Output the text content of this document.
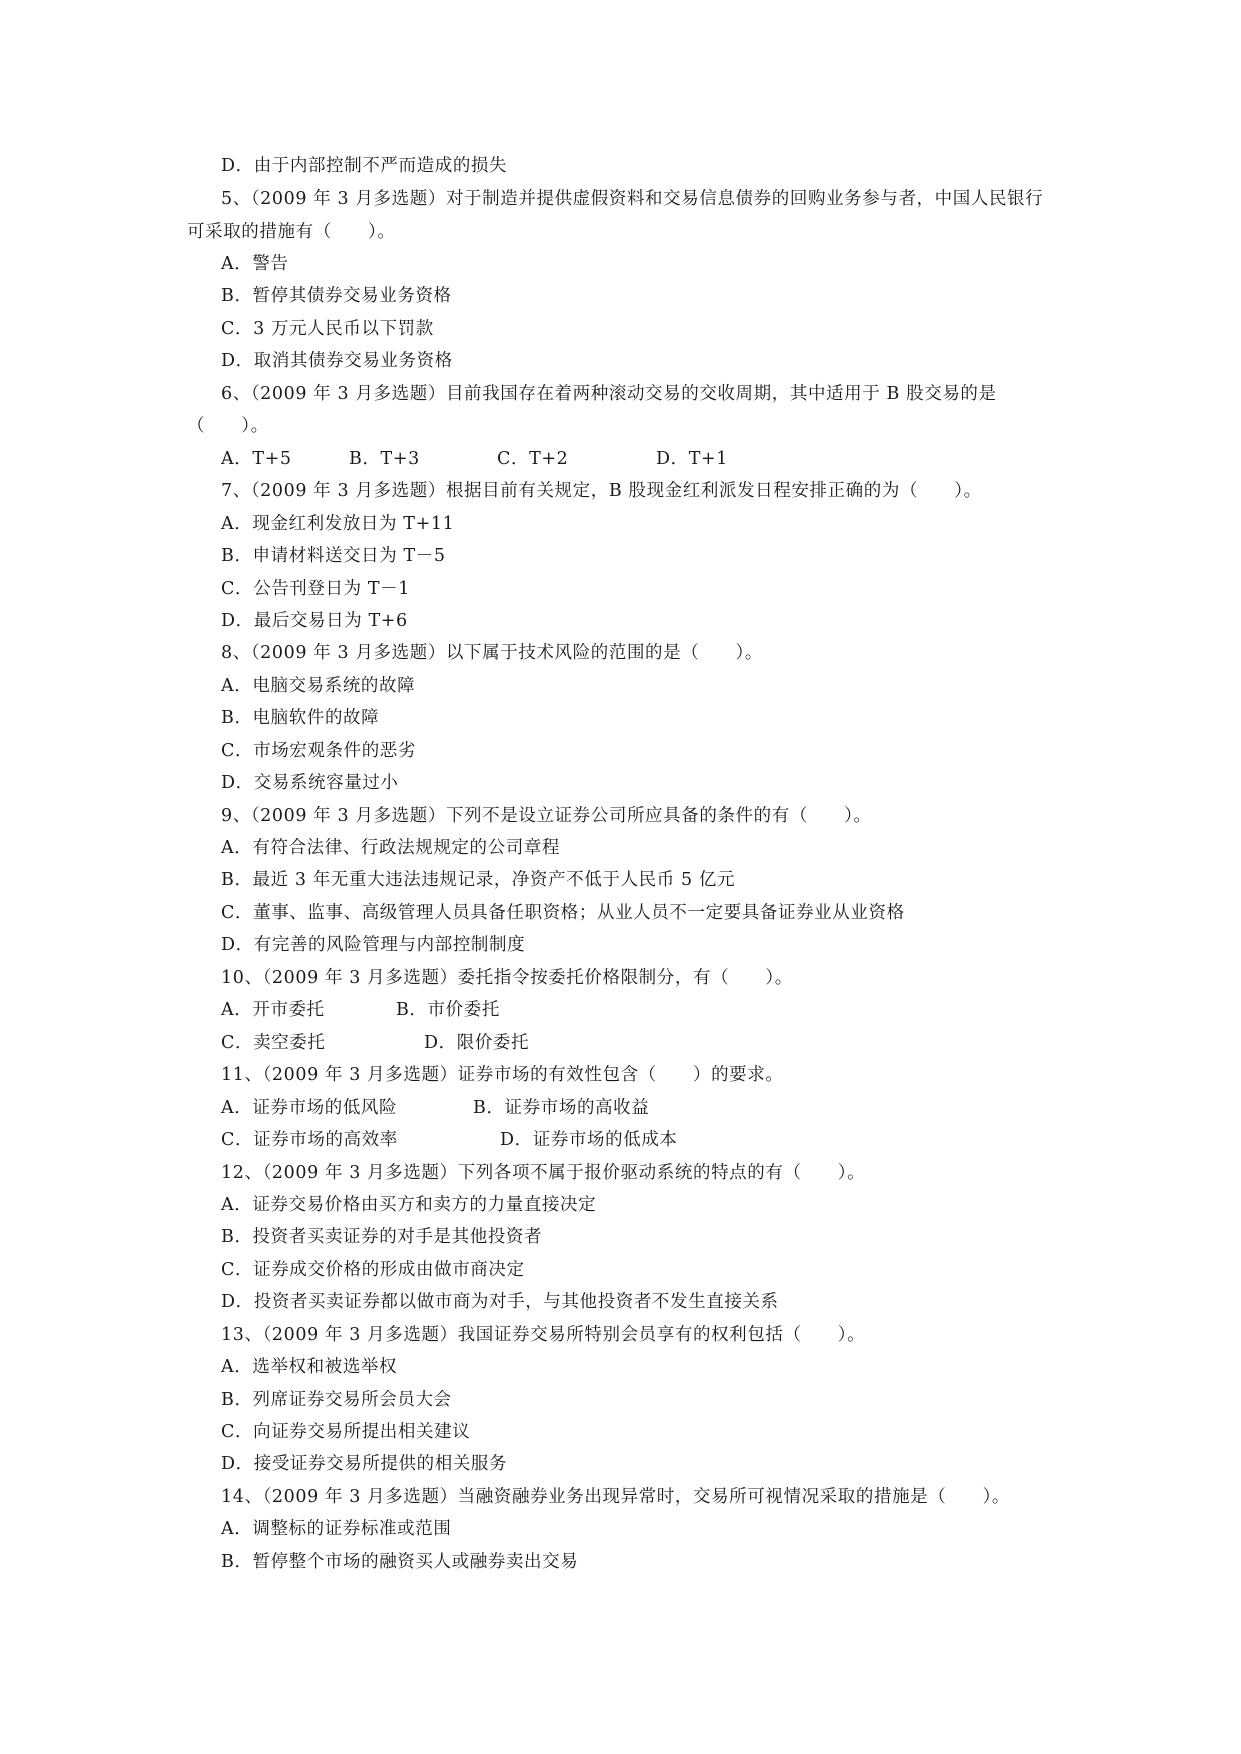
D．由于内部控制不严而造成的损失
5、（2009 年 3 月多选题）对于制造并提供虚假资料和交易信息债券的回购业务参与者，中国人民银行
可采取的措施有（　　）。
A．警告
B．暂停其债券交易业务资格
C．3 万元人民币以下罚款
D．取消其债券交易业务资格
6、（2009 年 3 月多选题）目前我国存在着两种滚动交易的交收周期，其中适用于 B 股交易的是
（　　）。
A．T+5	B．T+3	C．T+2	D．T+1
7、（2009 年 3 月多选题）根据目前有关规定，B 股现金红利派发日程安排正确的为（　　）。
A．现金红利发放日为 T+11
B．申请材料送交日为 T－5
C．公告刊登日为 T－1
D．最后交易日为 T+6
8、（2009 年 3 月多选题）以下属于技术风险的范围的是（　　）。
A．电脑交易系统的故障
B．电脑软件的故障
C．市场宏观条件的恶劣
D．交易系统容量过小
9、（2009 年 3 月多选题）下列不是设立证券公司所应具备的条件的有（　　）。
A．有符合法律、行政法规规定的公司章程
B．最近 3 年无重大违法违规记录，净资产不低于人民币 5 亿元
C．董事、监事、高级管理人员具备任职资格；从业人员不一定要具备证券业从业资格
D．有完善的风险管理与内部控制制度
10、（2009 年 3 月多选题）委托指令按委托价格限制分，有（　　）。
A．开市委托	B．市价委托
C．卖空委托	D．限价委托
11、（2009 年 3 月多选题）证券市场的有效性包含（　　）的要求。
A．证券市场的低风险	B．证券市场的高收益
C．证券市场的高效率	D．证券市场的低成本
12、（2009 年 3 月多选题）下列各项不属于报价驱动系统的特点的有（　　）。
A．证券交易价格由买方和卖方的力量直接决定
B．投资者买卖证券的对手是其他投资者
C．证券成交价格的形成由做市商决定
D．投资者买卖证券都以做市商为对手，与其他投资者不发生直接关系
13、（2009 年 3 月多选题）我国证券交易所特别会员享有的权利包括（　　）。
A．选举权和被选举权
B．列席证券交易所会员大会
C．向证券交易所提出相关建议
D．接受证券交易所提供的相关服务
14、（2009 年 3 月多选题）当融资融券业务出现异常时，交易所可视情况采取的措施是（　　）。
A．调整标的证券标准或范围
B．暂停整个市场的融资买人或融券卖出交易
